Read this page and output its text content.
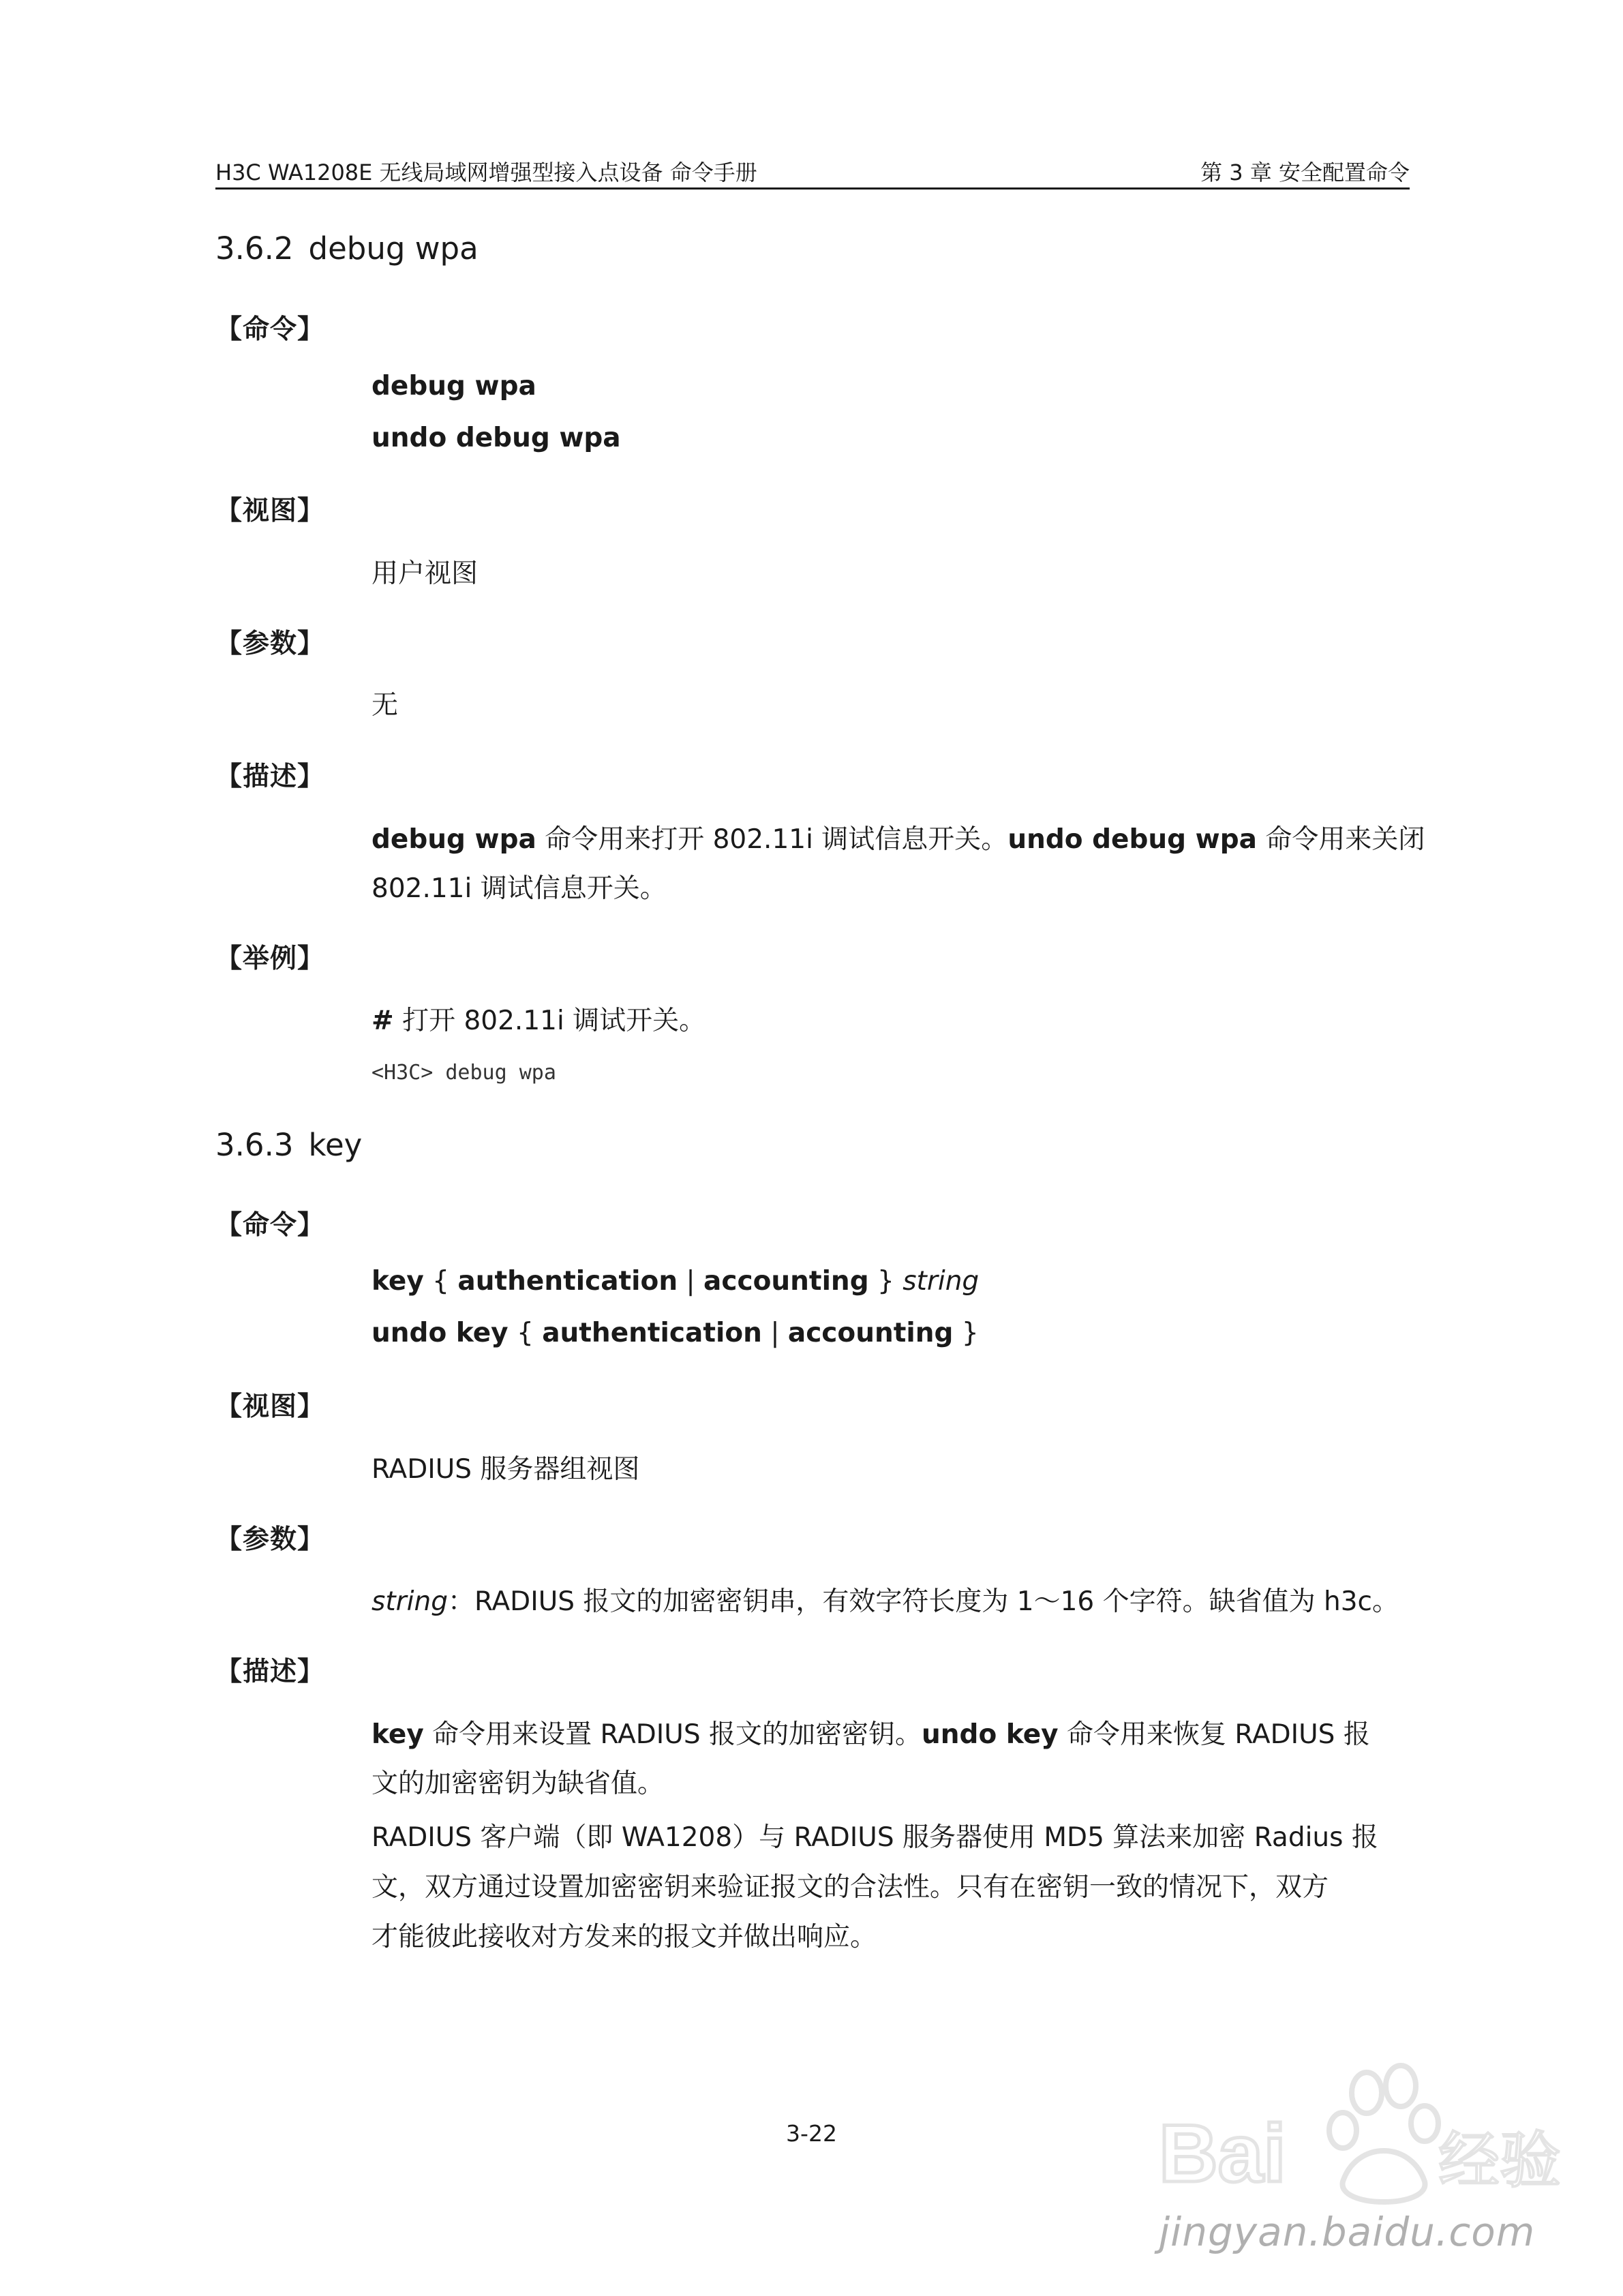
H3C WA1208E 无线局域网增强型接入点设备 命令手册	第 3 章 安全配置命令
3.6.2 debug wpa
【命令】
debug wpa
undo debug wpa
【视图】
用户视图
【参数】
无
【描述】
debug wpa 命令用来打开 802.11i 调试信息开关。undo debug wpa 命令用来关闭
802.11i 调试信息开关。
【举例】
# 打开 802.11i 调试开关。
<H3C> debug wpa
3.6.3 key
【命令】
key { authentication | accounting } string
undo key { authentication | accounting }
【视图】
RADIUS 服务器组视图
【参数】
string：RADIUS 报文的加密密钥串，有效字符长度为 1～16 个字符。缺省值为 h3c。
【描述】
key 命令用来设置 RADIUS 报文的加密密钥。undo key 命令用来恢复 RADIUS 报
文的加密密钥为缺省值。
RADIUS 客户端（即 WA1208）与 RADIUS 服务器使用 MD5 算法来加密 Radius 报
文，双方通过设置加密密钥来验证报文的合法性。只有在密钥一致的情况下，双方
才能彼此接收对方发来的报文并做出响应。
3-22	Bai 经验
jingyan.baidu.com
